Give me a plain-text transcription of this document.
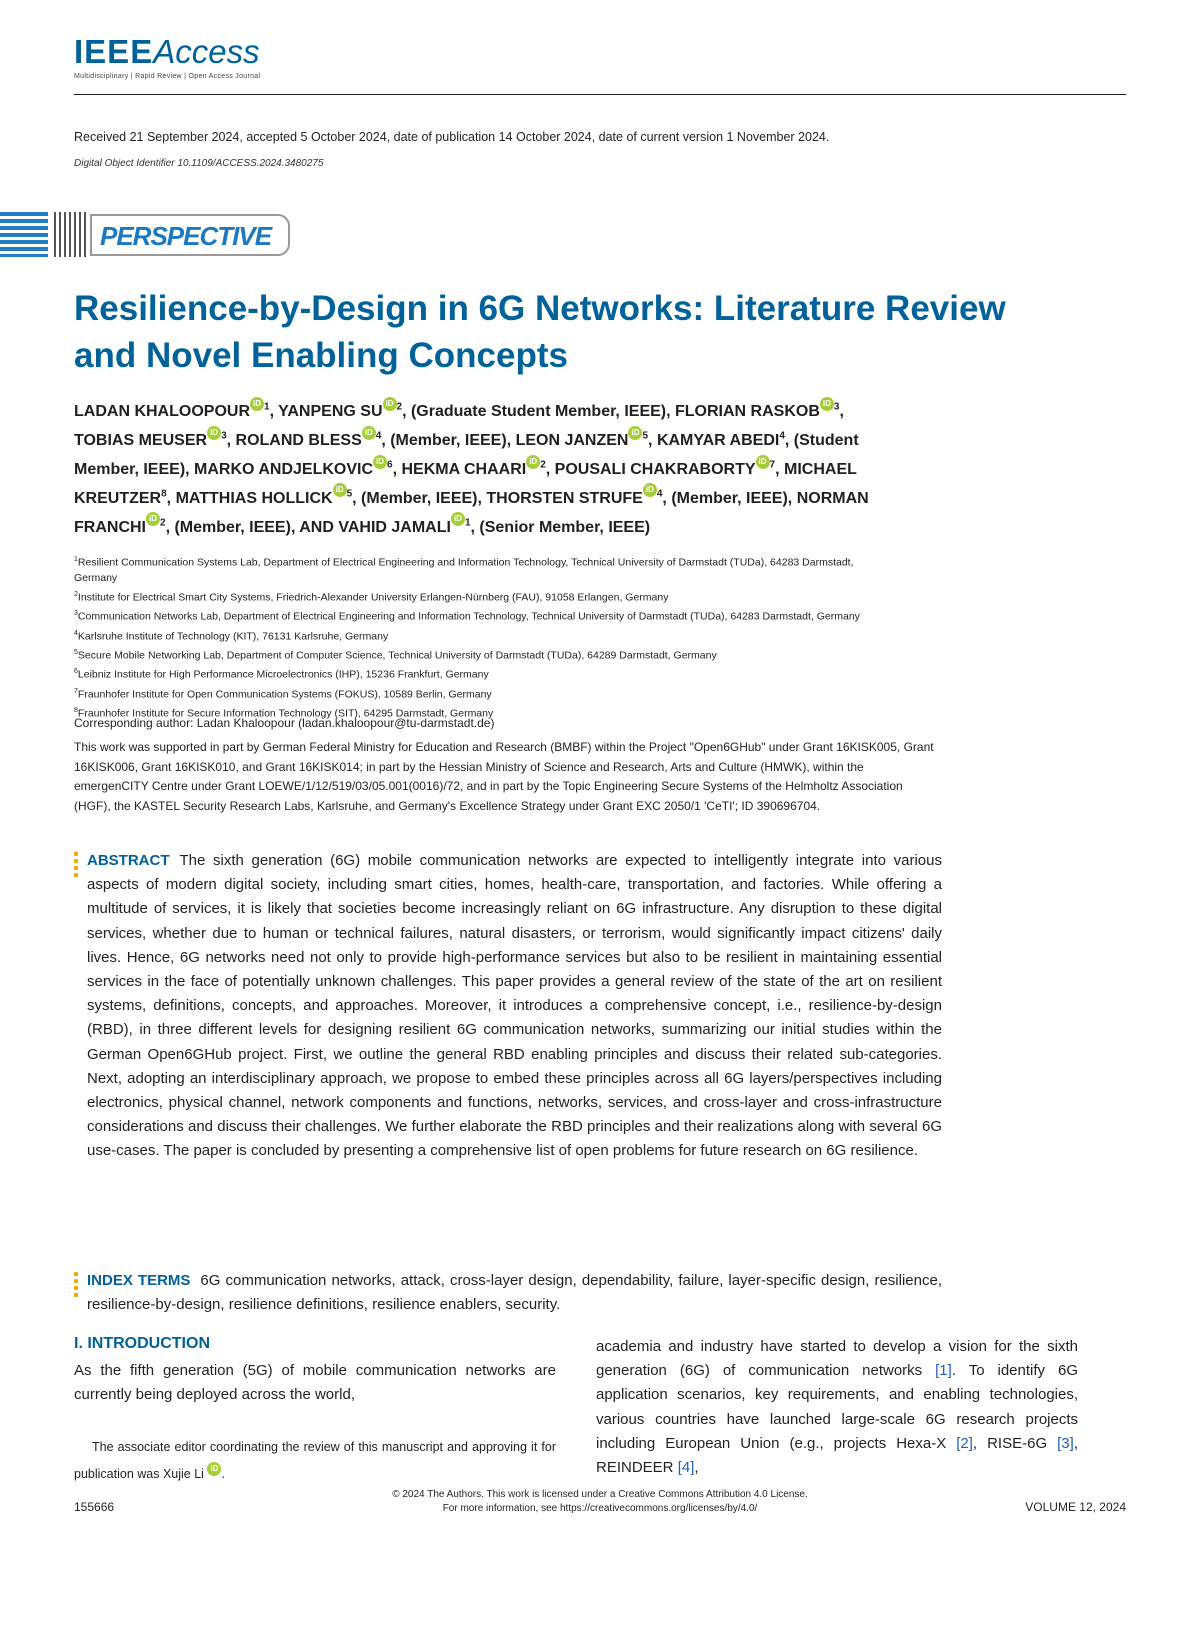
IEEEAccess
Multidisciplinary | Rapid Review | Open Access Journal
Received 21 September 2024, accepted 5 October 2024, date of publication 14 October 2024, date of current version 1 November 2024.
Digital Object Identifier 10.1109/ACCESS.2024.3480275
PERSPECTIVE
Resilience-by-Design in 6G Networks: Literature Review and Novel Enabling Concepts
LADAN KHALOOPOUR iD $^1$, YANPENG SU iD $^2$, (Graduate Student Member, IEEE), FLORIAN RASKOB iD $^3$, TOBIAS MEUSER iD $^3$, ROLAND BLESS iD $^4$, (Member, IEEE), LEON JANZEN iD $^5$, KAMYAR ABEDI$^4$, (Student Member, IEEE), MARKO ANDJELKOVIC iD $^6$, HEKMA CHAARI iD $^2$, POUSALI CHAKRABORTY iD $^7$, MICHAEL KREUTZER$^8$, MATTHIAS HOLLICK iD $^5$, (Member, IEEE), THORSTEN STRUFE iD $^4$, (Member, IEEE), NORMAN FRANCHI iD $^2$, (Member, IEEE), AND VAHID JAMALI iD $^1$, (Senior Member, IEEE)
$^1$Resilient Communication Systems Lab, Department of Electrical Engineering and Information Technology, Technical University of Darmstadt (TUDa), 64283 Darmstadt, Germany
$^2$Institute for Electrical Smart City Systems, Friedrich-Alexander University Erlangen-Nürnberg (FAU), 91058 Erlangen, Germany
$^3$Communication Networks Lab, Department of Electrical Engineering and Information Technology, Technical University of Darmstadt (TUDa), 64283 Darmstadt, Germany
$^4$Karlsruhe Institute of Technology (KIT), 76131 Karlsruhe, Germany
$^5$Secure Mobile Networking Lab, Department of Computer Science, Technical University of Darmstadt (TUDa), 64289 Darmstadt, Germany
$^6$Leibniz Institute for High Performance Microelectronics (IHP), 15236 Frankfurt, Germany
$^7$Fraunhofer Institute for Open Communication Systems (FOKUS), 10589 Berlin, Germany
$^8$Fraunhofer Institute for Secure Information Technology (SIT), 64295 Darmstadt, Germany
Corresponding author: Ladan Khaloopour (ladan.khaloopour@tu-darmstadt.de)
This work was supported in part by German Federal Ministry for Education and Research (BMBF) within the Project "Open6GHub" under Grant 16KISK005, Grant 16KISK006, Grant 16KISK010, and Grant 16KISK014; in part by the Hessian Ministry of Science and Research, Arts and Culture (HMWK), within the emergenCITY Centre under Grant LOEWE/1/12/519/03/05.001(0016)/72, and in part by the Topic Engineering Secure Systems of the Helmholtz Association (HGF), the KASTEL Security Research Labs, Karlsruhe, and Germany's Excellence Strategy under Grant EXC 2050/1 'CeTI'; ID 390696704.
ABSTRACT The sixth generation (6G) mobile communication networks are expected to intelligently integrate into various aspects of modern digital society, including smart cities, homes, health-care, transportation, and factories. While offering a multitude of services, it is likely that societies become increasingly reliant on 6G infrastructure. Any disruption to these digital services, whether due to human or technical failures, natural disasters, or terrorism, would significantly impact citizens' daily lives. Hence, 6G networks need not only to provide high-performance services but also to be resilient in maintaining essential services in the face of potentially unknown challenges. This paper provides a general review of the state of the art on resilient systems, definitions, concepts, and approaches. Moreover, it introduces a comprehensive concept, i.e., resilience-by-design (RBD), in three different levels for designing resilient 6G communication networks, summarizing our initial studies within the German Open6GHub project. First, we outline the general RBD enabling principles and discuss their related sub-categories. Next, adopting an interdisciplinary approach, we propose to embed these principles across all 6G layers/perspectives including electronics, physical channel, network components and functions, networks, services, and cross-layer and cross-infrastructure considerations and discuss their challenges. We further elaborate the RBD principles and their realizations along with several 6G use-cases. The paper is concluded by presenting a comprehensive list of open problems for future research on 6G resilience.
INDEX TERMS 6G communication networks, attack, cross-layer design, dependability, failure, layer-specific design, resilience, resilience-by-design, resilience definitions, resilience enablers, security.
I. INTRODUCTION
As the fifth generation (5G) of mobile communication networks are currently being deployed across the world,
The associate editor coordinating the review of this manuscript and approving it for publication was Xujie Li iD .
academia and industry have started to develop a vision for the sixth generation (6G) of communication networks [1]. To identify 6G application scenarios, key requirements, and enabling technologies, various countries have launched large-scale 6G research projects including European Union (e.g., projects Hexa-X [2], RISE-6G [3], REINDEER [4],
155666
© 2024 The Authors. This work is licensed under a Creative Commons Attribution 4.0 License.
For more information, see https://creativecommons.org/licenses/by/4.0/	VOLUME 12, 2024
